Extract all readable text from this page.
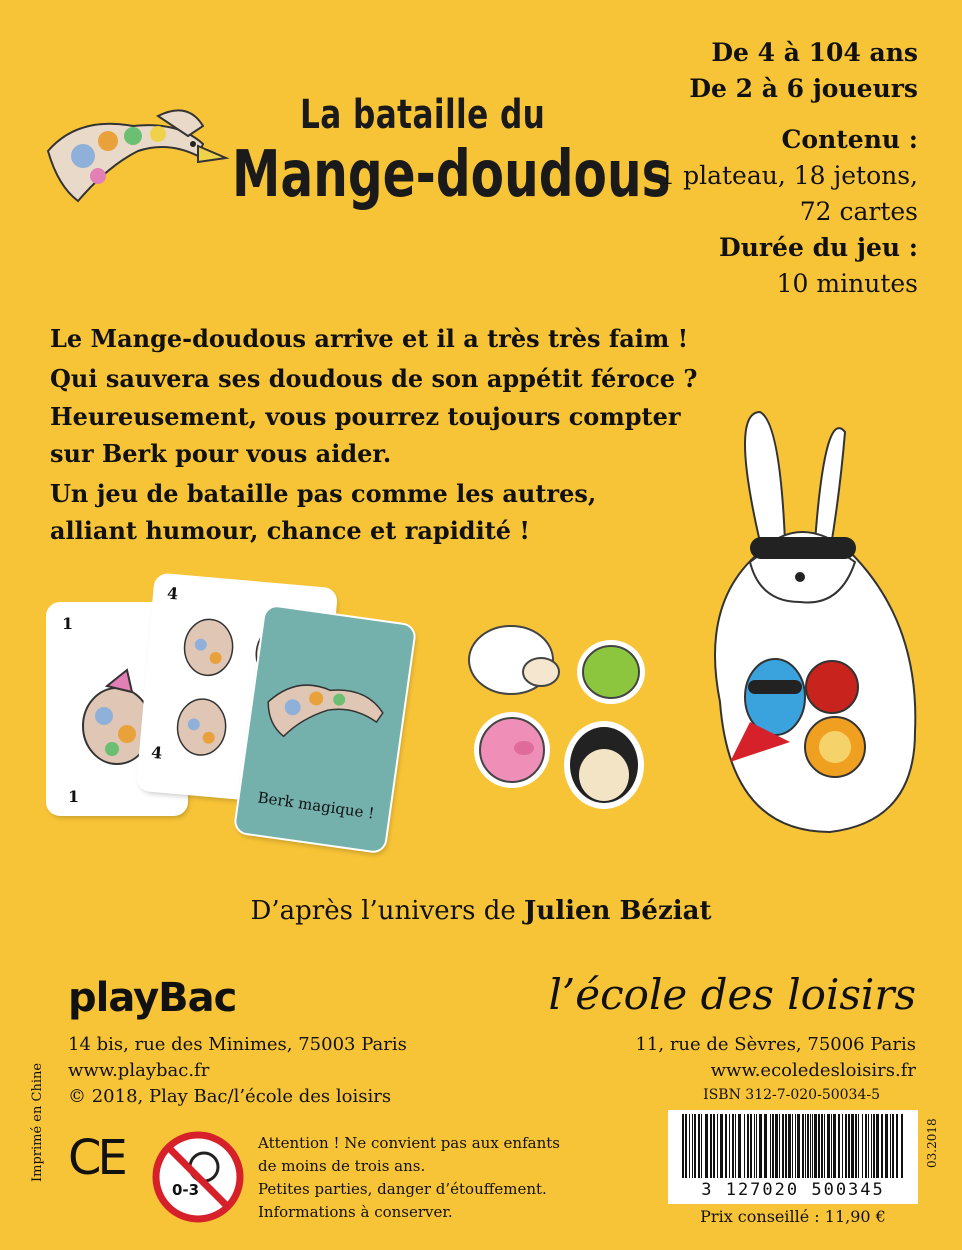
La bataille du
Mange-doudous
De 4 à 104 ans
De 2 à 6 joueurs
Contenu :
1 plateau, 18 jetons,
72 cartes
Durée du jeu :
10 minutes
Le Mange-doudous arrive et il a très très faim !
Qui sauvera ses doudous de son appétit féroce ?
Heureusement, vous pourrez toujours compter
sur Berk pour vous aider.
Un jeu de bataille pas comme les autres,
alliant humour, chance et rapidité !
1
1
4
4
Berk magique !
D’après l’univers de Julien Béziat
playBac
14 bis, rue des Minimes, 75003 Paris
www.playbac.fr
© 2018, Play Bac/l’école des loisirs
l’école des loisirs
11, rue de Sèvres, 75006 Paris
www.ecoledesloisirs.fr
ISBN 312-7-020-50034-5
CE
0-3
Attention ! Ne convient pas aux enfants
de moins de trois ans.
Petites parties, danger d’étouffement.
Informations à conserver.
Imprimé en Chine	03.2018
3 127020 500345
Prix conseillé : 11,90 €
